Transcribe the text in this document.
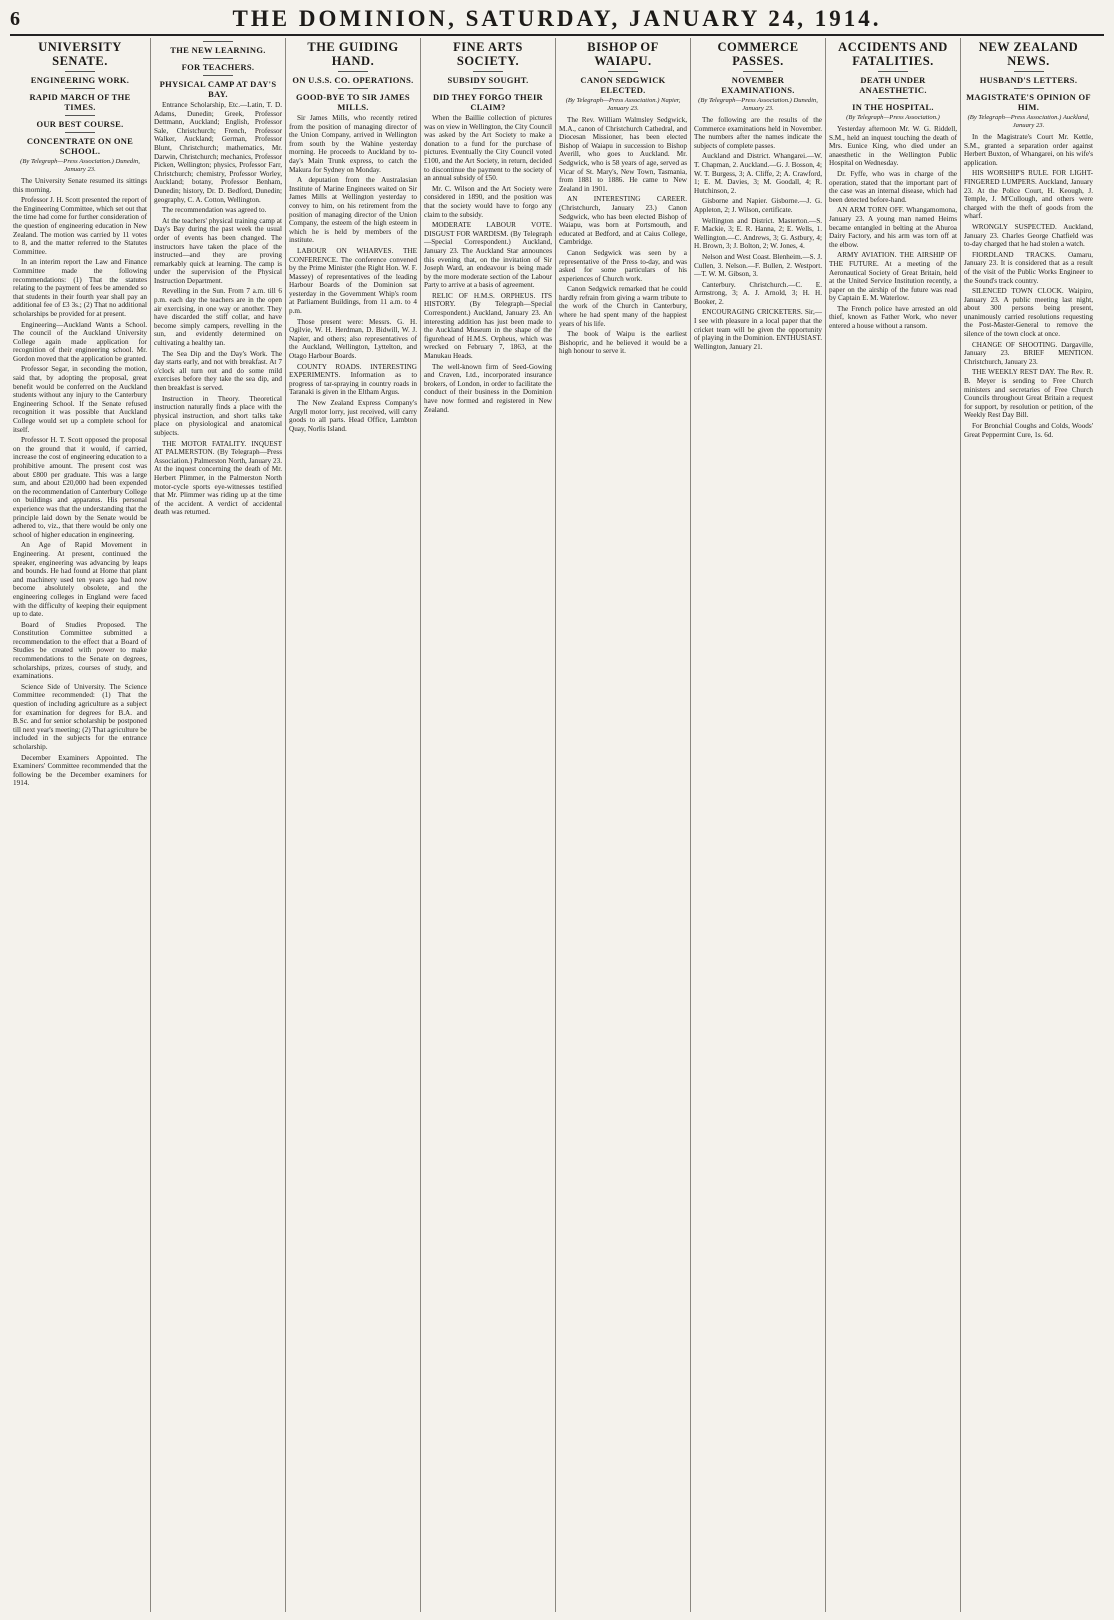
6	THE DOMINION, SATURDAY, JANUARY 24, 1914.
UNIVERSITY SENATE.
ENGINEERING WORK.
RAPID MARCH OF THE TIMES.
OUR BEST COURSE.
CONCENTRATE ON ONE SCHOOL.
(By Telegraph—Press Association.) Dunedin, January 23.

The University Senate resumed its sittings this morning.

Professor J. H. Scott presented the report of the Engineering Committee, which set out that the time had come for further consideration of the question of engineering education in New Zealand. The motion was carried by 11 votes to 8, and the matter referred to the Statutes Committee.

In an interim report the Law and Finance Committee made the following recommendations: (1) That the statutes relating to the payment of fees be amended so that students in their fourth year shall pay an additional fee of £3 3s.; (2) That no additional scholarships be provided for at present.

Engineering—Auckland Wants a School. The council of the Auckland University College again made application for recognition of their engineering school. Mr. Gordon moved that the application be granted.

Professor Segar, in seconding the motion, said that, by adopting the proposal, great benefit would be conferred on the Auckland students without any injury to the Canterbury Engineering School. If the Senate refused recognition it was possible that Auckland College would set up a complete school for itself.

Professor H. T. Scott opposed the proposal on the ground that it would, if carried, increase the cost of engineering education to a prohibitive amount. The present cost was about £800 per graduate. This was a large sum, and about £20,000 had been expended on the recommendation of Canterbury College on buildings and apparatus. His personal experience was that the understanding that the principle laid down by the Senate would be adhered to, viz., that there would be only one school of higher education in engineering.

An Age of Rapid Movement in Engineering. At present, continued the speaker, engineering was advancing by leaps and bounds. He had found at Home that plant and machinery used ten years ago had now become absolutely obsolete, and the engineering colleges in England were faced with the difficulty of keeping their equipment up to date.

Board of Studies Proposed. The Constitution Committee submitted a recommendation to the effect that a Board of Studies be created with power to make recommendations to the Senate on degrees, scholarships, prizes, courses of study, and examinations.

Science Side of University. The Science Committee recommended: (1) That the question of including agriculture as a subject for examination for degrees for B.A. and B.Sc. and for senior scholarship be postponed till next year's meeting; (2) That agriculture be included in the subjects for the entrance scholarship.

December Examiners Appointed. The Examiners' Committee recommended that the following be the December examiners for 1914.

THE NEW LEARNING.
FOR TEACHERS.
PHYSICAL CAMP AT DAY'S BAY.

Entrance Scholarship, Etc.—Latin, T. D. Adams, Dunedin; Greek, Professor Dettmann, Auckland; English, Professor Sale, Christchurch; French, Professor Walker, Auckland; German, Professor Blunt, Christchurch; mathematics, Mr. Darwin, Christchurch; mechanics, Professor Picken, Wellington; physics, Professor Farr, Christchurch; chemistry, Professor Worley, Auckland; botany, Professor Benham, Dunedin; history, Dr. D. Bedford, Dunedin; geography, C. A. Cotton, Wellington.

The recommendation was agreed to.

At the teachers' physical training camp at Day's Bay during the past week the usual order of events has been changed. The instructors have taken the place of the instructed—and they are proving remarkably quick at learning. The camp is under the supervision of the Physical Instruction Department.

Revelling in the Sun. From 7 a.m. till 6 p.m. each day the teachers are in the open air exercising, in one way or another. They have discarded the stiff collar, and have become simply campers, revelling in the sun, and evidently determined on cultivating a healthy tan.

The Sea Dip and the Day's Work. The day starts early, and not with breakfast. At 7 o'clock all turn out and do some mild exercises before they take the sea dip, and then breakfast is served.

Instruction in Theory. Theoretical instruction naturally finds a place with the physical instruction, and short talks take place on physiological and anatomical subjects.

THE MOTOR FATALITY. INQUEST AT PALMERSTON. (By Telegraph—Press Association.) Palmerston North, January 23. At the inquest concerning the death of Mr. Herbert Plimmer, in the Palmerston North motor-cycle sports eye-witnesses testified that Mr. Plimmer was riding up at the time of the accident. A verdict of accidental death was returned.

THE GUIDING HAND.
ON U.S.S. CO. OPERATIONS.
GOOD-BYE TO SIR JAMES MILLS.

Sir James Mills, who recently retired from the position of managing director of the Union Company, arrived in Wellington from south by the Wahine yesterday morning. He proceeds to Auckland by to-day's Main Trunk express, to catch the Makura for Sydney on Monday.

A deputation from the Australasian Institute of Marine Engineers waited on Sir James Mills at Wellington yesterday to convey to him, on his retirement from the position of managing director of the Union Company, the esteem of the high esteem in which he is held by members of the institute.

LABOUR ON WHARVES. THE CONFERENCE. The conference convened by the Prime Minister (the Right Hon. W. F. Massey) of representatives of the leading Harbour Boards of the Dominion sat yesterday in the Government Whip's room at Parliament Buildings, from 11 a.m. to 4 p.m.

Those present were: Messrs. G. H. Ogilvie, W. H. Herdman, D. Bidwill, W. J. Napier, and others; also representatives of the Auckland, Wellington, Lyttelton, and Otago Harbour Boards.

COUNTY ROADS. INTERESTING EXPERIMENTS. Information as to progress of tar-spraying in country roads in Taranaki is given in the Eltham Argus.

The New Zealand Express Company's Argyll motor lorry, just received, will carry goods to all parts. Head Office, Lambton Quay, Norlis Island.

FINE ARTS SOCIETY.
SUBSIDY SOUGHT.
DID THEY FORGO THEIR CLAIM?

When the Baillie collection of pictures was on view in Wellington, the City Council was asked by the Art Society to make a donation to a fund for the purchase of pictures. Eventually the City Council voted £100, and the Art Society, in return, decided to discontinue the payment to the society of an annual subsidy of £50.

Mr. C. Wilson and the Art Society were considered in 1890, and the position was that the society would have to forgo any claim to the subsidy.

MODERATE LABOUR VOTE. DISGUST FOR WARDISM. (By Telegraph—Special Correspondent.) Auckland, January 23. The Auckland Star announces this evening that, on the invitation of Sir Joseph Ward, an endeavour is being made by the more moderate section of the Labour Party to arrive at a basis of agreement.

RELIC OF H.M.S. ORPHEUS. ITS HISTORY. (By Telegraph—Special Correspondent.) Auckland, January 23. An interesting addition has just been made to the Auckland Museum in the shape of the figurehead of H.M.S. Orpheus, which was wrecked on February 7, 1863, at the Manukau Heads.

The well-known firm of Seed-Gowing and Craven, Ltd., incorporated insurance brokers, of London, in order to facilitate the conduct of their business in the Dominion have now formed and registered in New Zealand.

BISHOP OF WAIAPU.
CANON SEDGWICK ELECTED.
(By Telegraph—Press Association.) Napier, January 23.

The Rev. William Walmsley Sedgwick, M.A., canon of Christchurch Cathedral, and Diocesan Missioner, has been elected Bishop of Waiapu in succession to Bishop Averill, who goes to Auckland. Mr. Sedgwick, who is 58 years of age, served as Vicar of St. Mary's, New Town, Tasmania, from 1881 to 1886. He came to New Zealand in 1901.

AN INTERESTING CAREER. (Christchurch, January 23.) Canon Sedgwick, who has been elected Bishop of Waiapu, was born at Portsmouth, and educated at Bedford, and at Caius College, Cambridge.

Canon Sedgwick was seen by a representative of the Press to-day, and was asked for some particulars of his experiences of Church work.

Canon Sedgwick remarked that he could hardly refrain from giving a warm tribute to the work of the Church in Canterbury, where he had spent many of the happiest years of his life.

The book of Waipu is the earliest Bishopric, and he believed it would be a high honour to serve it.

COMMERCE PASSES.
NOVEMBER EXAMINATIONS.
(By Telegraph—Press Association.) Dunedin, January 23.

The following are the results of the Commerce examinations held in November. The numbers after the names indicate the subjects of complete passes.

Auckland and District. Whangarei.—W. T. Chapman, 2. Auckland.—G. J. Bosson, 4; W. T. Burgess, 3; A. Cliffe, 2; A. Crawford, 1; E. M. Davies, 3; M. Goodall, 4; R. Hutchinson, 2.

Gisborne and Napier. Gisborne.—J. G. Appleton, 2; J. Wilson, certificate.

Wellington and District. Masterton.—S. F. Mackie, 3; E. R. Hanna, 2; E. Wells, 1. Wellington.—C. Andrews, 3; G. Astbury, 4; H. Brown, 3; J. Bolton, 2; W. Jones, 4.

Nelson and West Coast. Blenheim.—S. J. Cullen, 3. Nelson.—F. Bullen, 2. Westport.—T. W. M. Gibson, 3.

Canterbury. Christchurch.—C. E. Armstrong, 3; A. J. Arnold, 3; H. H. Booker, 2.

ENCOURAGING CRICKETERS. Sir,—I see with pleasure in a local paper that the cricket team will be given the opportunity of playing in the Dominion. ENTHUSIAST. Wellington, January 21.

ACCIDENTS AND FATALITIES.
DEATH UNDER ANAESTHETIC.
IN THE HOSPITAL.
(By Telegraph—Press Association.)

Yesterday afternoon Mr. W. G. Riddell, S.M., held an inquest touching the death of Mrs. Eunice King, who died under an anaesthetic in the Wellington Public Hospital on Wednesday.

Dr. Fyffe, who was in charge of the operation, stated that the important part of the case was an internal disease, which had been detected before-hand.

AN ARM TORN OFF. Whangamomona, January 23. A young man named Heims became entangled in belting at the Ahuroa Dairy Factory, and his arm was torn off at the elbow.

ARMY AVIATION. THE AIRSHIP OF THE FUTURE. At a meeting of the Aeronautical Society of Great Britain, held at the United Service Institution recently, a paper on the airship of the future was read by Captain E. M. Waterlow.

The French police have arrested an old thief, known as Father Work, who never entered a house without a ransom.

NEW ZEALAND NEWS.
HUSBAND'S LETTERS.
MAGISTRATE'S OPINION OF HIM.
(By Telegraph—Press Association.) Auckland, January 23.

In the Magistrate's Court Mr. Kettle, S.M., granted a separation order against Herbert Buxton, of Whangarei, on his wife's application.

HIS WORSHIP'S RULE. FOR LIGHT-FINGERED LUMPERS. Auckland, January 23. At the Police Court, H. Keough, J. Temple, J. M'Cullough, and others were charged with the theft of goods from the wharf.

WRONGLY SUSPECTED. Auckland, January 23. Charles George Chatfield was to-day charged that he had stolen a watch.

FIORDLAND TRACKS. Oamaru, January 23. It is considered that as a result of the visit of the Public Works Engineer to the Sound's track country.

SILENCED TOWN CLOCK. Waipiro, January 23. A public meeting last night, about 300 persons being present, unanimously carried resolutions requesting the Post-Master-General to remove the silence of the town clock at once.

CHANGE OF SHOOTING. Dargaville, January 23. BRIEF MENTION. Christchurch, January 23.

THE WEEKLY REST DAY. The Rev. R. B. Meyer is sending to Free Church ministers and secretaries of Free Church Councils throughout Great Britain a request for support, by resolution or petition, of the Weekly Rest Day Bill.

For Bronchial Coughs and Colds, Woods' Great Peppermint Cure, 1s. 6d.
